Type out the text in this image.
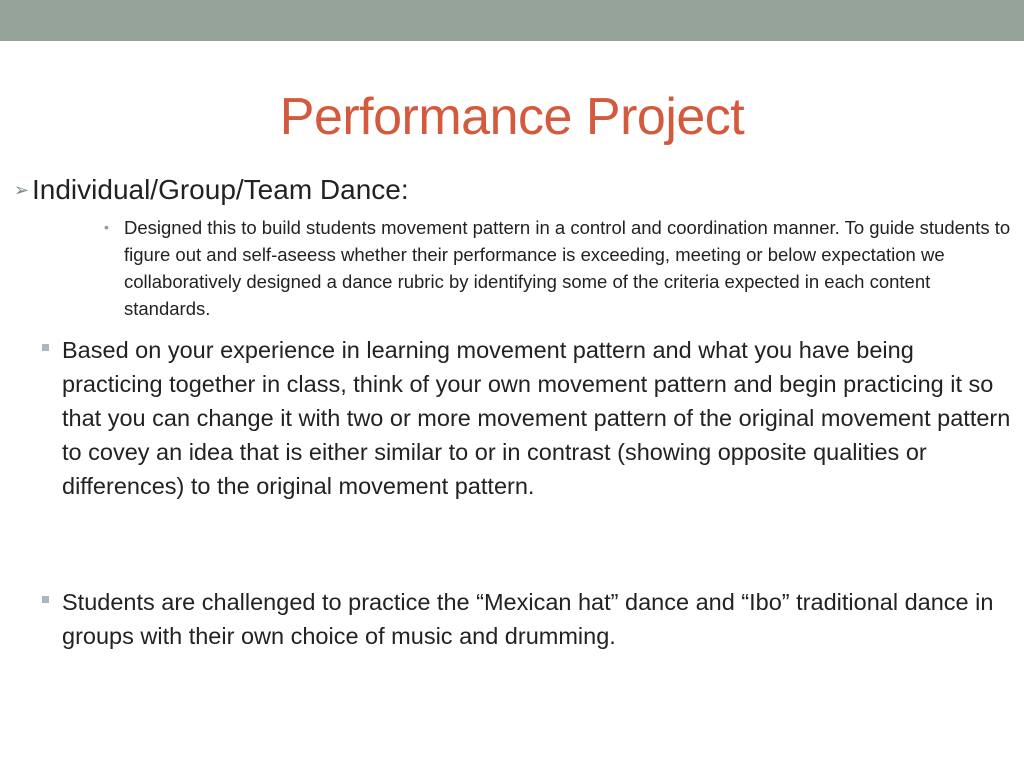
Performance Project
➢ Individual/Group/Team Dance:
• Designed this to build students movement pattern in a control and coordination manner. To guide students to figure out and self-aseess whether their performance is exceeding, meeting or below expectation we collaboratively designed a dance rubric by identifying some of the criteria expected in each content standards.
Based on your experience in learning movement pattern and what you have being practicing together in class, think of your own movement pattern and begin practicing it so that you can change it with two or more movement pattern of the original movement pattern to covey an idea that is either similar to or in contrast (showing opposite qualities or differences) to the original movement pattern.
Students are challenged to practice the “Mexican hat” dance and “Ibo” traditional dance in groups with their own choice of music and drumming.
